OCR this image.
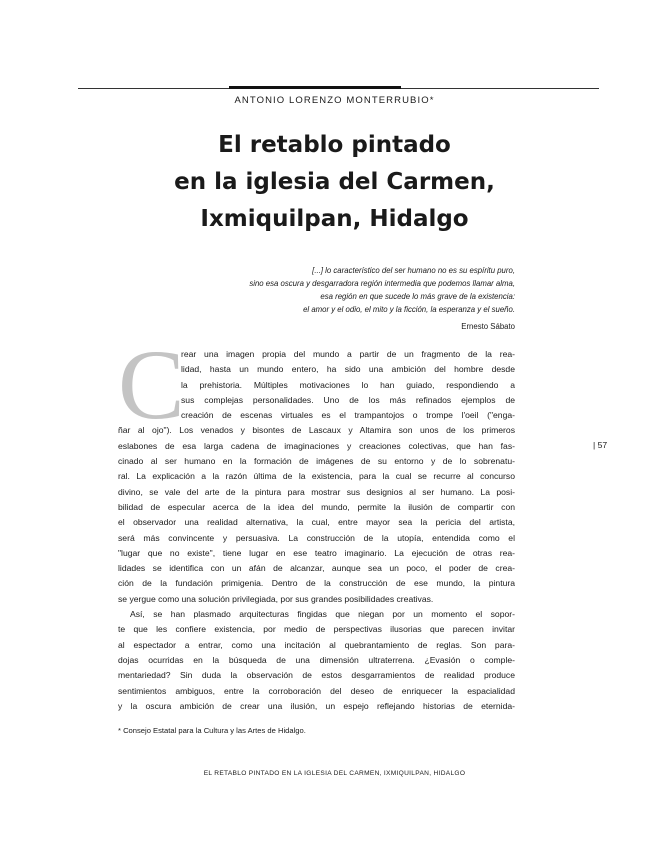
ANTONIO LORENZO MONTERRUBIO*
El retablo pintado
en la iglesia del Carmen,
Ixmiquilpan, Hidalgo
[...] lo característico del ser humano no es su espíritu puro,
sino esa oscura y desgarradora región intermedia que podemos llamar alma,
esa región en que sucede lo más grave de la existencia:
el amor y el odio, el mito y la ficción, la esperanza y el sueño.
Ernesto Sábato
C
rear una imagen propia del mundo a partir de un fragmento de la rea-
lidad, hasta un mundo entero, ha sido una ambición del hombre desde
la prehistoria. Múltiples motivaciones lo han guiado, respondiendo a
sus complejas personalidades. Uno de los más refinados ejemplos de
creación de escenas virtuales es el trampantojos o trompe l'oeil ("enga-
ñar al ojo"). Los venados y bisontes de Lascaux y Altamira son unos de los primeros
eslabones de esa larga cadena de imaginaciones y creaciones colectivas, que han fas-
cinado al ser humano en la formación de imágenes de su entorno y de lo sobrenatu-
ral. La explicación a la razón última de la existencia, para la cual se recurre al concurso
divino, se vale del arte de la pintura para mostrar sus designios al ser humano. La posi-
bilidad de especular acerca de la idea del mundo, permite la ilusión de compartir con
el observador una realidad alternativa, la cual, entre mayor sea la pericia del artista,
será más convincente y persuasiva. La construcción de la utopía, entendida como el
"lugar que no existe", tiene lugar en ese teatro imaginario. La ejecución de otras rea-
lidades se identifica con un afán de alcanzar, aunque sea un poco, el poder de crea-
ción de la fundación primigenia. Dentro de la construcción de ese mundo, la pintura
se yergue como una solución privilegiada, por sus grandes posibilidades creativas.
Así, se han plasmado arquitecturas fingidas que niegan por un momento el sopor-
te que les confiere existencia, por medio de perspectivas ilusorias que parecen invitar
al espectador a entrar, como una incitación al quebrantamiento de reglas. Son para-
dojas ocurridas en la búsqueda de una dimensión ultraterrena. ¿Evasión o comple-
mentariedad? Sin duda la observación de estos desgarramientos de realidad produce
sentimientos ambiguos, entre la corroboración del deseo de enriquecer la espacialidad
y la oscura ambición de crear una ilusión, un espejo reflejando historias de eternida-
| 57
* Consejo Estatal para la Cultura y las Artes de Hidalgo.
EL RETABLO PINTADO EN LA IGLESIA DEL CARMEN, IXMIQUILPAN, HIDALGO
